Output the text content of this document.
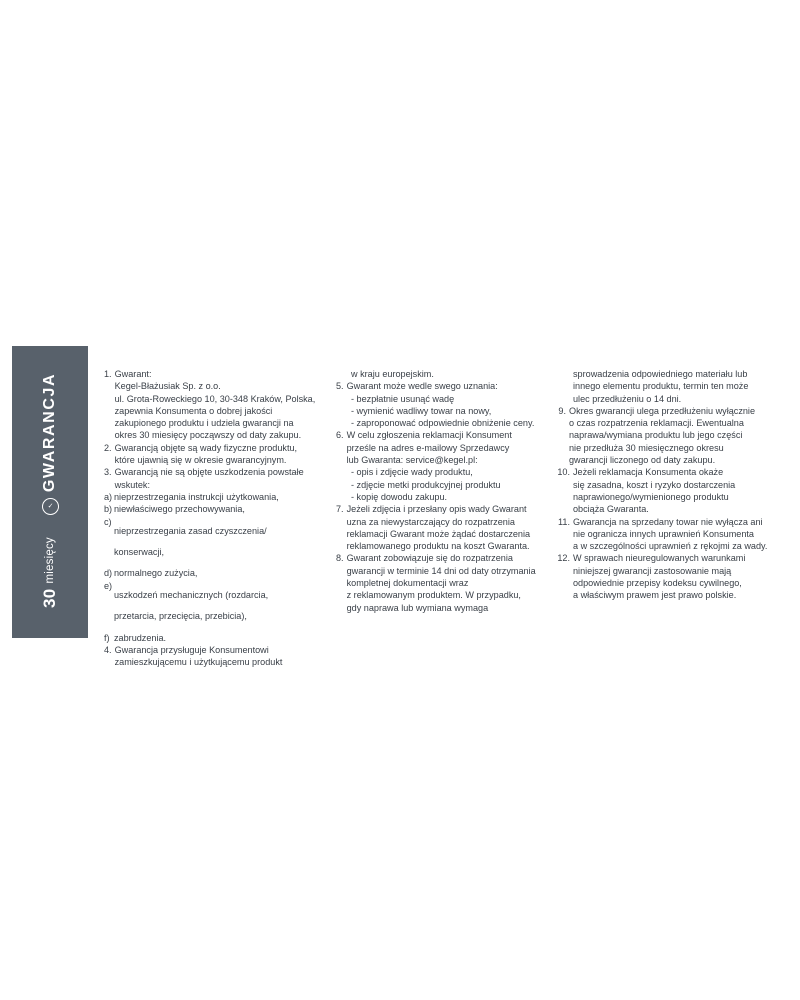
30
miesięcy
✓
GWARANCJA	1. Gwarant:

Kegel-Błażusiak Sp. z o.o.

ul. Grota-Roweckiego 10, 30-348 Kraków, Polska,

zapewnia Konsumenta o dobrej jakości

zakupionego produktu i udziela gwarancji na

okres 30 miesięcy począwszy od daty zakupu.

2. Gwarancją objęte są wady fizyczne produktu,

które ujawnią się w okresie gwarancyjnym.

3. Gwarancją nie są objęte uszkodzenia powstałe

wskutek:

a) nieprzestrzegania instrukcji użytkowania,
b) niewłaściwego przechowywania,
c)

nieprzestrzegania zasad czyszczenia/

konserwacji,

d) normalnego zużycia,
e)

uszkodzeń mechanicznych (rozdarcia,

przetarcia, przecięcia, przebicia),

f) zabrudzenia.
4. Gwarancja przysługuje Konsumentowi

zamieszkującemu i użytkującemu produkt

w kraju europejskim.

5. Gwarant może wedle swego uznania:

- bezpłatnie usunąć wadę

- wymienić wadliwy towar na nowy,

- zaproponować odpowiednie obniżenie ceny.

6. W celu zgłoszenia reklamacji Konsument

prześle na adres e-mailowy Sprzedawcy

lub Gwaranta: service@kegel.pl:

- opis i zdjęcie wady produktu,

- zdjęcie metki produkcyjnej produktu

- kopię dowodu zakupu.

7. Jeżeli zdjęcia i przesłany opis wady Gwarant

uzna za niewystarczający do rozpatrzenia

reklamacji Gwarant może żądać dostarczenia

reklamowanego produktu na koszt Gwaranta.

8. Gwarant zobowiązuje się do rozpatrzenia

gwarancji w terminie 14 dni od daty otrzymania

kompletnej dokumentacji wraz

z reklamowanym produktem. W przypadku,

gdy naprawa lub wymiana wymaga

sprowadzenia odpowiedniego materiału lub

innego elementu produktu, termin ten może

ulec przedłużeniu o 14 dni.

9. Okres gwarancji ulega przedłużeniu wyłącznie

o czas rozpatrzenia reklamacji. Ewentualna

naprawa/wymiana produktu lub jego części

nie przedłuża 30 miesięcznego okresu

gwarancji liczonego od daty zakupu.

10. Jeżeli reklamacja Konsumenta okaże

się zasadna, koszt i ryzyko dostarczenia

naprawionego/wymienionego produktu

obciąża Gwaranta.

11. Gwarancja na sprzedany towar nie wyłącza ani

nie ogranicza innych uprawnień Konsumenta

a w szczególności uprawnień z rękojmi za wady.

12. W sprawach nieuregulowanych warunkami

niniejszej gwarancji zastosowanie mają

odpowiednie przepisy kodeksu cywilnego,

a właściwym prawem jest prawo polskie.
